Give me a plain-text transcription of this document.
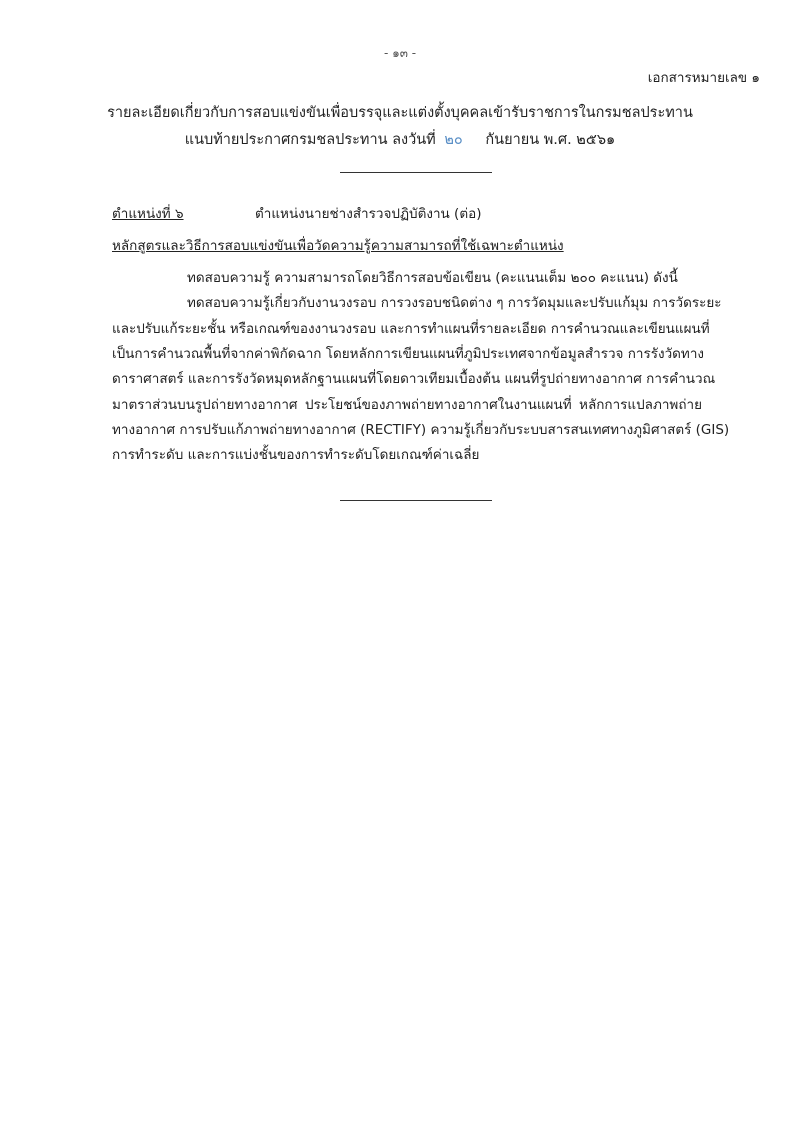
- ๑๓ -
เอกสารหมายเลข ๑
รายละเอียดเกี่ยวกับการสอบแข่งขันเพื่อบรรจุและแต่งตั้งบุคคลเข้ารับราชการในกรมชลประทาน
แนบท้ายประกาศกรมชลประทาน ลงวันที่ ๒๐ กันยายน พ.ศ. ๒๕๖๑
ตำแหน่งที่ ๖	ตำแหน่งนายช่างสำรวจปฏิบัติงาน (ต่อ)
หลักสูตรและวิธีการสอบแข่งขันเพื่อวัดความรู้ความสามารถที่ใช้เฉพาะตำแหน่ง
ทดสอบความรู้ ความสามารถโดยวิธีการสอบข้อเขียน (คะแนนเต็ม ๒๐๐ คะแนน) ดังนี้
ทดสอบความรู้เกี่ยวกับงานวงรอบ การวงรอบชนิดต่าง ๆ การวัดมุมและปรับแก้มุม การวัดระยะ
และปรับแก้ระยะชั้น หรือเกณฑ์ของงานวงรอบ และการทำแผนที่รายละเอียด การคำนวณและเขียนแผนที่
เป็นการคำนวณพื้นที่จากค่าพิกัดฉาก โดยหลักการเขียนแผนที่ภูมิประเทศจากข้อมูลสำรวจ การรังวัดทาง
ดาราศาสตร์ และการรังวัดหมุดหลักฐานแผนที่โดยดาวเทียมเบื้องต้น แผนที่รูปถ่ายทางอากาศ การคำนวณ
มาตราส่วนบนรูปถ่ายทางอากาศ ประโยชน์ของภาพถ่ายทางอากาศในงานแผนที่ หลักการแปลภาพถ่าย
ทางอากาศ การปรับแก้ภาพถ่ายทางอากาศ (RECTIFY) ความรู้เกี่ยวกับระบบสารสนเทศทางภูมิศาสตร์ (GIS)
การทำระดับ และการแบ่งชั้นของการทำระดับโดยเกณฑ์ค่าเฉลี่ย
